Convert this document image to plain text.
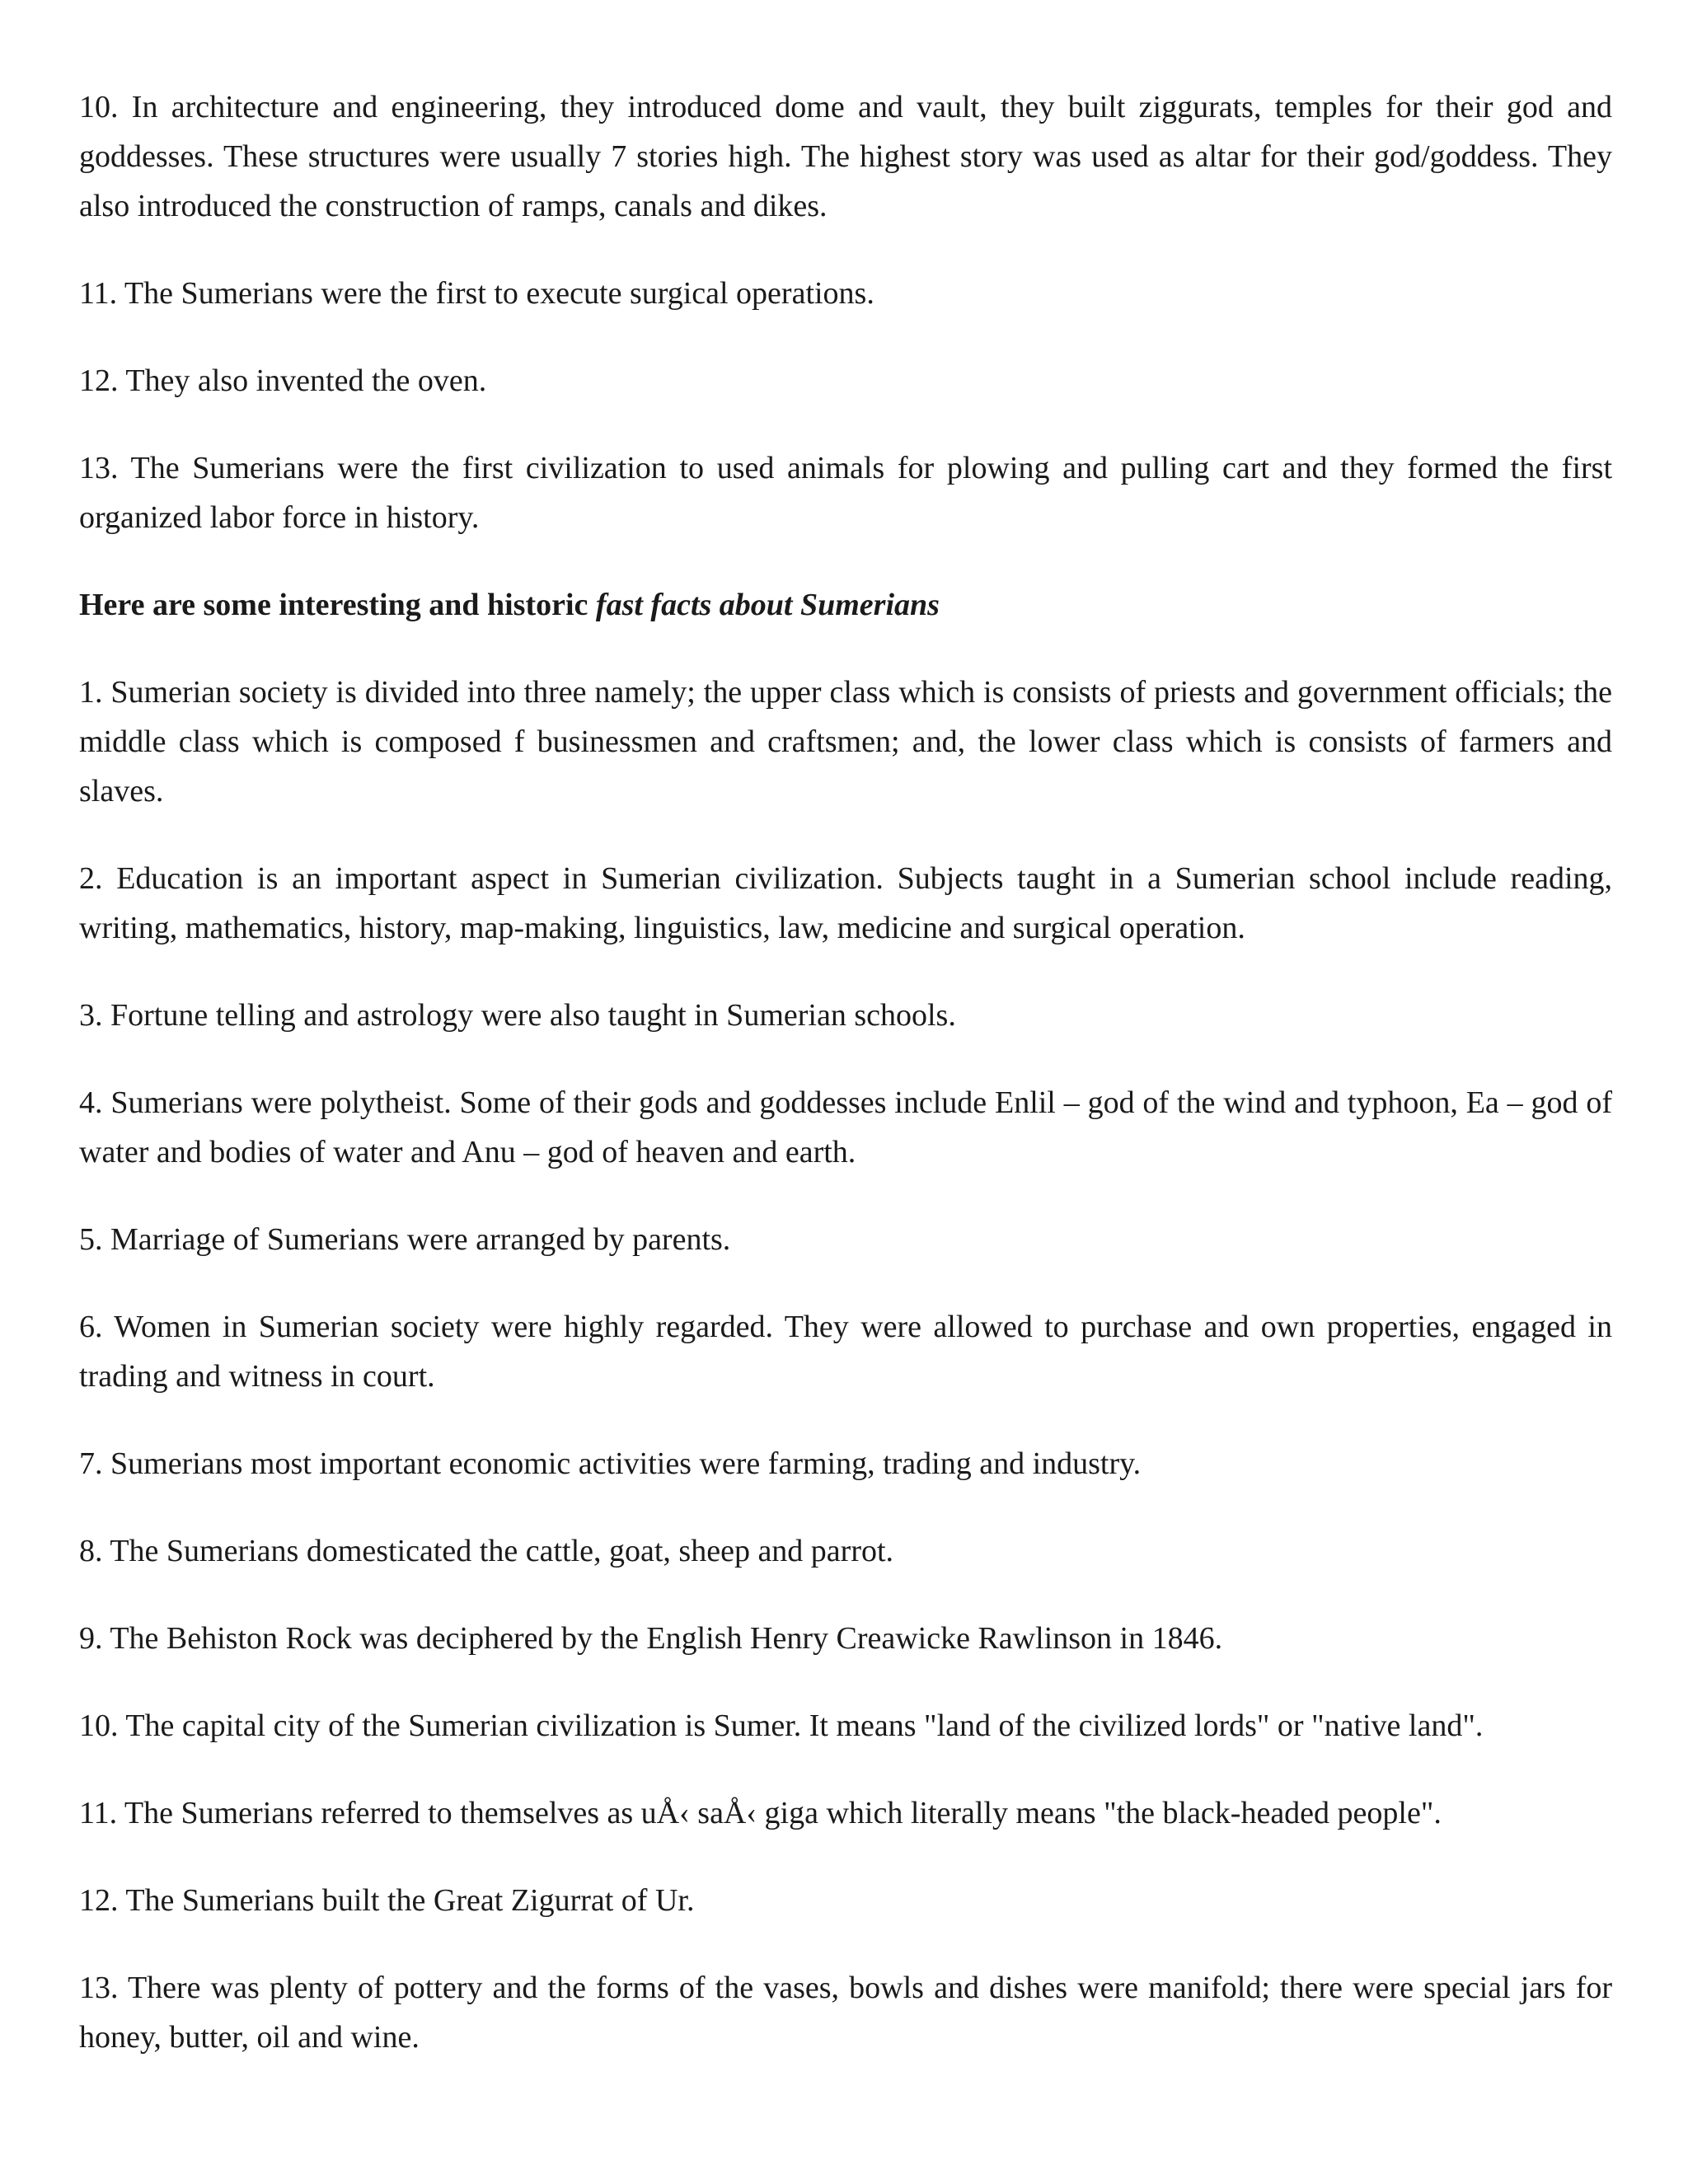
10. In architecture and engineering, they introduced dome and vault, they built ziggurats, temples for their god and goddesses. These structures were usually 7 stories high. The highest story was used as altar for their god/goddess. They also introduced the construction of ramps, canals and dikes.

11. The Sumerians were the first to execute surgical operations.

12. They also invented the oven.

13. The Sumerians were the first civilization to used animals for plowing and pulling cart and they formed the first organized labor force in history.

Here are some interesting and historic fast facts about Sumerians

1. Sumerian society is divided into three namely; the upper class which is consists of priests and government officials; the middle class which is composed f businessmen and craftsmen; and, the lower class which is consists of farmers and slaves.

2. Education is an important aspect in Sumerian civilization. Subjects taught in a Sumerian school include reading, writing, mathematics, history, map-making, linguistics, law, medicine and surgical operation.

3. Fortune telling and astrology were also taught in Sumerian schools.

4. Sumerians were polytheist. Some of their gods and goddesses include Enlil – god of the wind and typhoon, Ea – god of water and bodies of water and Anu – god of heaven and earth.

5. Marriage of Sumerians were arranged by parents.

6. Women in Sumerian society were highly regarded. They were allowed to purchase and own properties, engaged in trading and witness in court.

7. Sumerians most important economic activities were farming, trading and industry.

8. The Sumerians domesticated the cattle, goat, sheep and parrot.

9. The Behiston Rock was deciphered by the English Henry Creawicke Rawlinson in 1846.

10. The capital city of the Sumerian civilization is Sumer. It means "land of the civilized lords" or "native land".

11. The Sumerians referred to themselves as uÅ‹ saÅ‹ giga which literally means "the black-headed people".

12. The Sumerians built the Great Zigurrat of Ur.

13. There was plenty of pottery and the forms of the vases, bowls and dishes were manifold; there were special jars for honey, butter, oil and wine.
